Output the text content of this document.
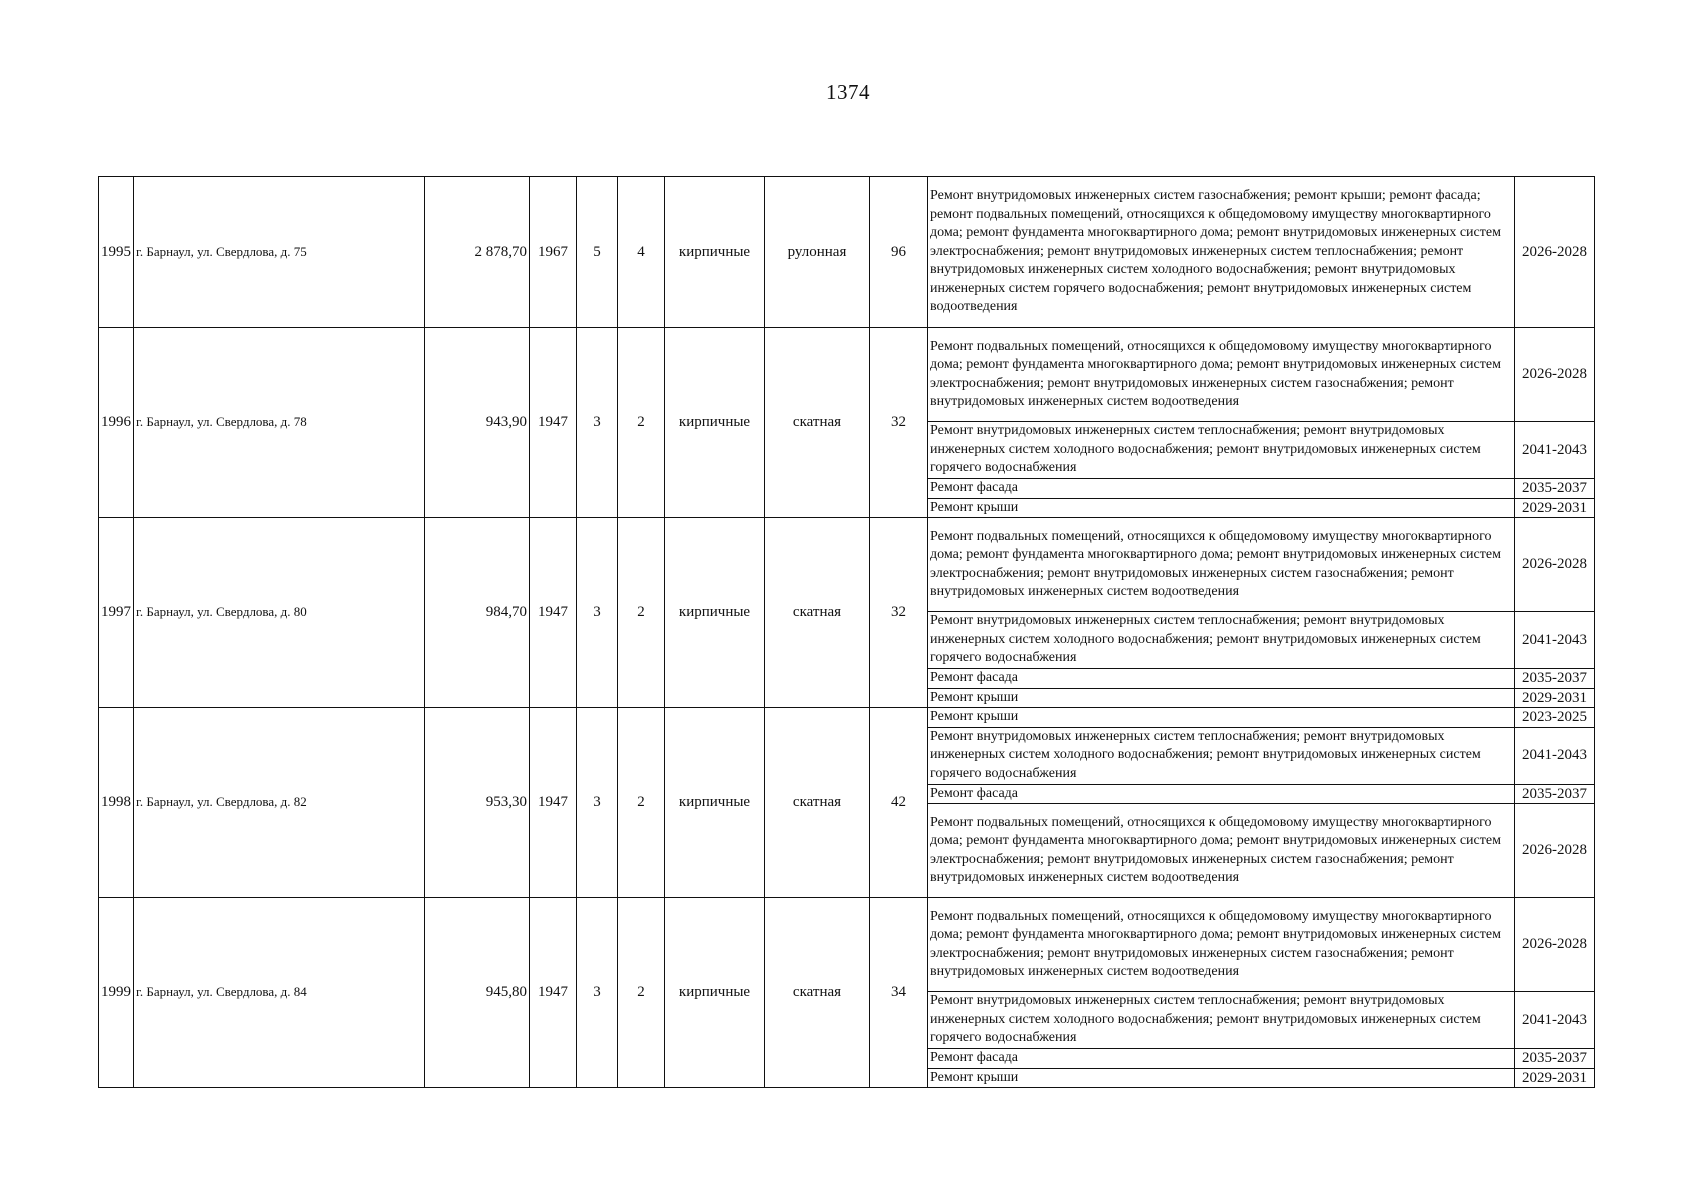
1374
1995	г. Барнаул, ул. Свердлова, д. 75	2 878,70	1967	5	4	кирпичные	рулонная	96	Ремонт внутридомовых инженерных систем газоснабжения; ремонт крыши; ремонт фасада; ремонт подвальных помещений, относящихся к общедомовому имуществу многоквартирного дома; ремонт фундамента многоквартирного дома; ремонт внутридомовых инженерных систем электроснабжения; ремонт внутридомовых инженерных систем теплоснабжения; ремонт внутридомовых инженерных систем холодного водоснабжения; ремонт внутридомовых инженерных систем горячего водоснабжения; ремонт внутридомовых инженерных систем водоотведения	2026-2028
1996	г. Барнаул, ул. Свердлова, д. 78	943,90	1947	3	2	кирпичные	скатная	32	Ремонт подвальных помещений, относящихся к общедомовому имуществу многоквартирного дома; ремонт фундамента многоквартирного дома; ремонт внутридомовых инженерных систем электроснабжения; ремонт внутридомовых инженерных систем газоснабжения; ремонт внутридомовых инженерных систем водоотведения	2026-2028
									Ремонт внутридомовых инженерных систем теплоснабжения; ремонт внутридомовых инженерных систем холодного водоснабжения; ремонт внутридомовых инженерных систем горячего водоснабжения	2041-2043
									Ремонт фасада	2035-2037
									Ремонт крыши	2029-2031
1997	г. Барнаул, ул. Свердлова, д. 80	984,70	1947	3	2	кирпичные	скатная	32	Ремонт подвальных помещений, относящихся к общедомовому имуществу многоквартирного дома; ремонт фундамента многоквартирного дома; ремонт внутридомовых инженерных систем электроснабжения; ремонт внутридомовых инженерных систем газоснабжения; ремонт внутридомовых инженерных систем водоотведения	2026-2028
									Ремонт внутридомовых инженерных систем теплоснабжения; ремонт внутридомовых инженерных систем холодного водоснабжения; ремонт внутридомовых инженерных систем горячего водоснабжения	2041-2043
									Ремонт фасада	2035-2037
									Ремонт крыши	2029-2031
1998	г. Барнаул, ул. Свердлова, д. 82	953,30	1947	3	2	кирпичные	скатная	42	Ремонт крыши	2023-2025
									Ремонт внутридомовых инженерных систем теплоснабжения; ремонт внутридомовых инженерных систем холодного водоснабжения; ремонт внутридомовых инженерных систем горячего водоснабжения	2041-2043
									Ремонт фасада	2035-2037
									Ремонт подвальных помещений, относящихся к общедомовому имуществу многоквартирного дома; ремонт фундамента многоквартирного дома; ремонт внутридомовых инженерных систем электроснабжения; ремонт внутридомовых инженерных систем газоснабжения; ремонт внутридомовых инженерных систем водоотведения	2026-2028
1999	г. Барнаул, ул. Свердлова, д. 84	945,80	1947	3	2	кирпичные	скатная	34	Ремонт подвальных помещений, относящихся к общедомовому имуществу многоквартирного дома; ремонт фундамента многоквартирного дома; ремонт внутридомовых инженерных систем электроснабжения; ремонт внутридомовых инженерных систем газоснабжения; ремонт внутридомовых инженерных систем водоотведения	2026-2028
									Ремонт внутридомовых инженерных систем теплоснабжения; ремонт внутридомовых инженерных систем холодного водоснабжения; ремонт внутридомовых инженерных систем горячего водоснабжения	2041-2043
									Ремонт фасада	2035-2037
									Ремонт крыши	2029-2031
